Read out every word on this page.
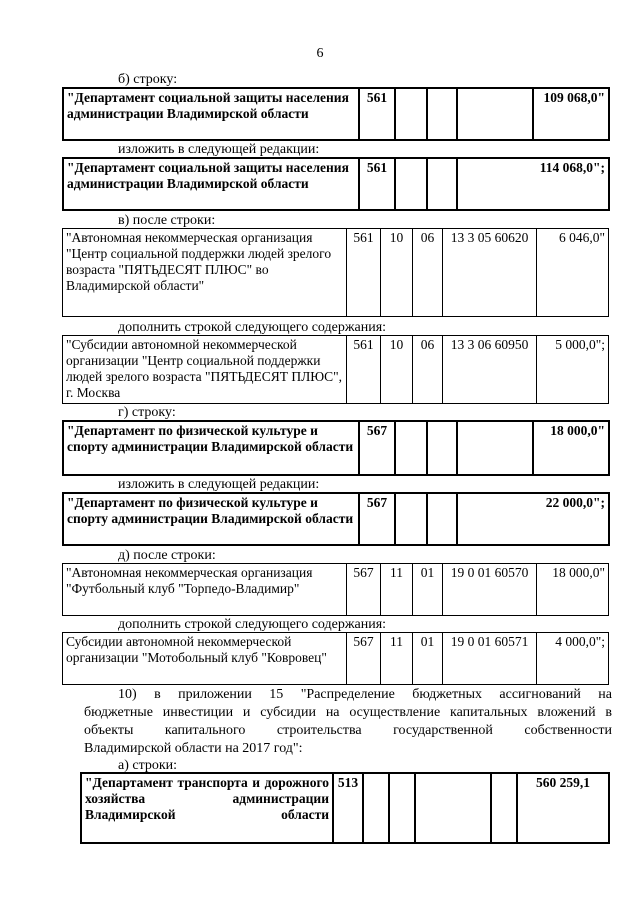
6
б) строку:
"Департамент социальной защиты населения администрации Владимирской области	561				109 068,0"
изложить в следующей редакции:
"Департамент социальной защиты населения администрации Владимирской области	561			114 068,0";
в) после строки:
"Автономная некоммерческая организация "Центр социальной поддержки людей зрелого возраста "ПЯТЬДЕСЯТ ПЛЮС" во Владимирской области"	561	10	06	13 3 05 60620	6 046,0"
дополнить строкой следующего содержания:
"Субсидии автономной некоммерческой организации "Центр социальной поддержки людей зрелого возраста "ПЯТЬДЕСЯТ ПЛЮС", г. Москва	561	10	06	13 3 06 60950	5 000,0";
г) строку:
"Департамент по физической культуре и спорту администрации Владимирской области	567				18 000,0"
изложить в следующей редакции:
"Департамент по физической культуре и спорту администрации Владимирской области	567			22 000,0";
д) после строки:
"Автономная некоммерческая организация "Футбольный клуб "Торпедо-Владимир"	567	11	01	19 0 01 60570	18 000,0"
дополнить строкой следующего содержания:
Субсидии автономной некоммерческой организации "Мотобольный клуб "Ковровец"	567	11	01	19 0 01 60571	4 000,0";
10) в приложении 15 "Распределение бюджетных ассигнований на
бюджетные инвестиции и субсидии на осуществление капитальных вложений в
объекты капитального строительства государственной собственности
Владимирской области на 2017 год":
а) строки:
"Департамент транспорта и дорожного хозяйства администрации Владимирской области	513					560 259,1
